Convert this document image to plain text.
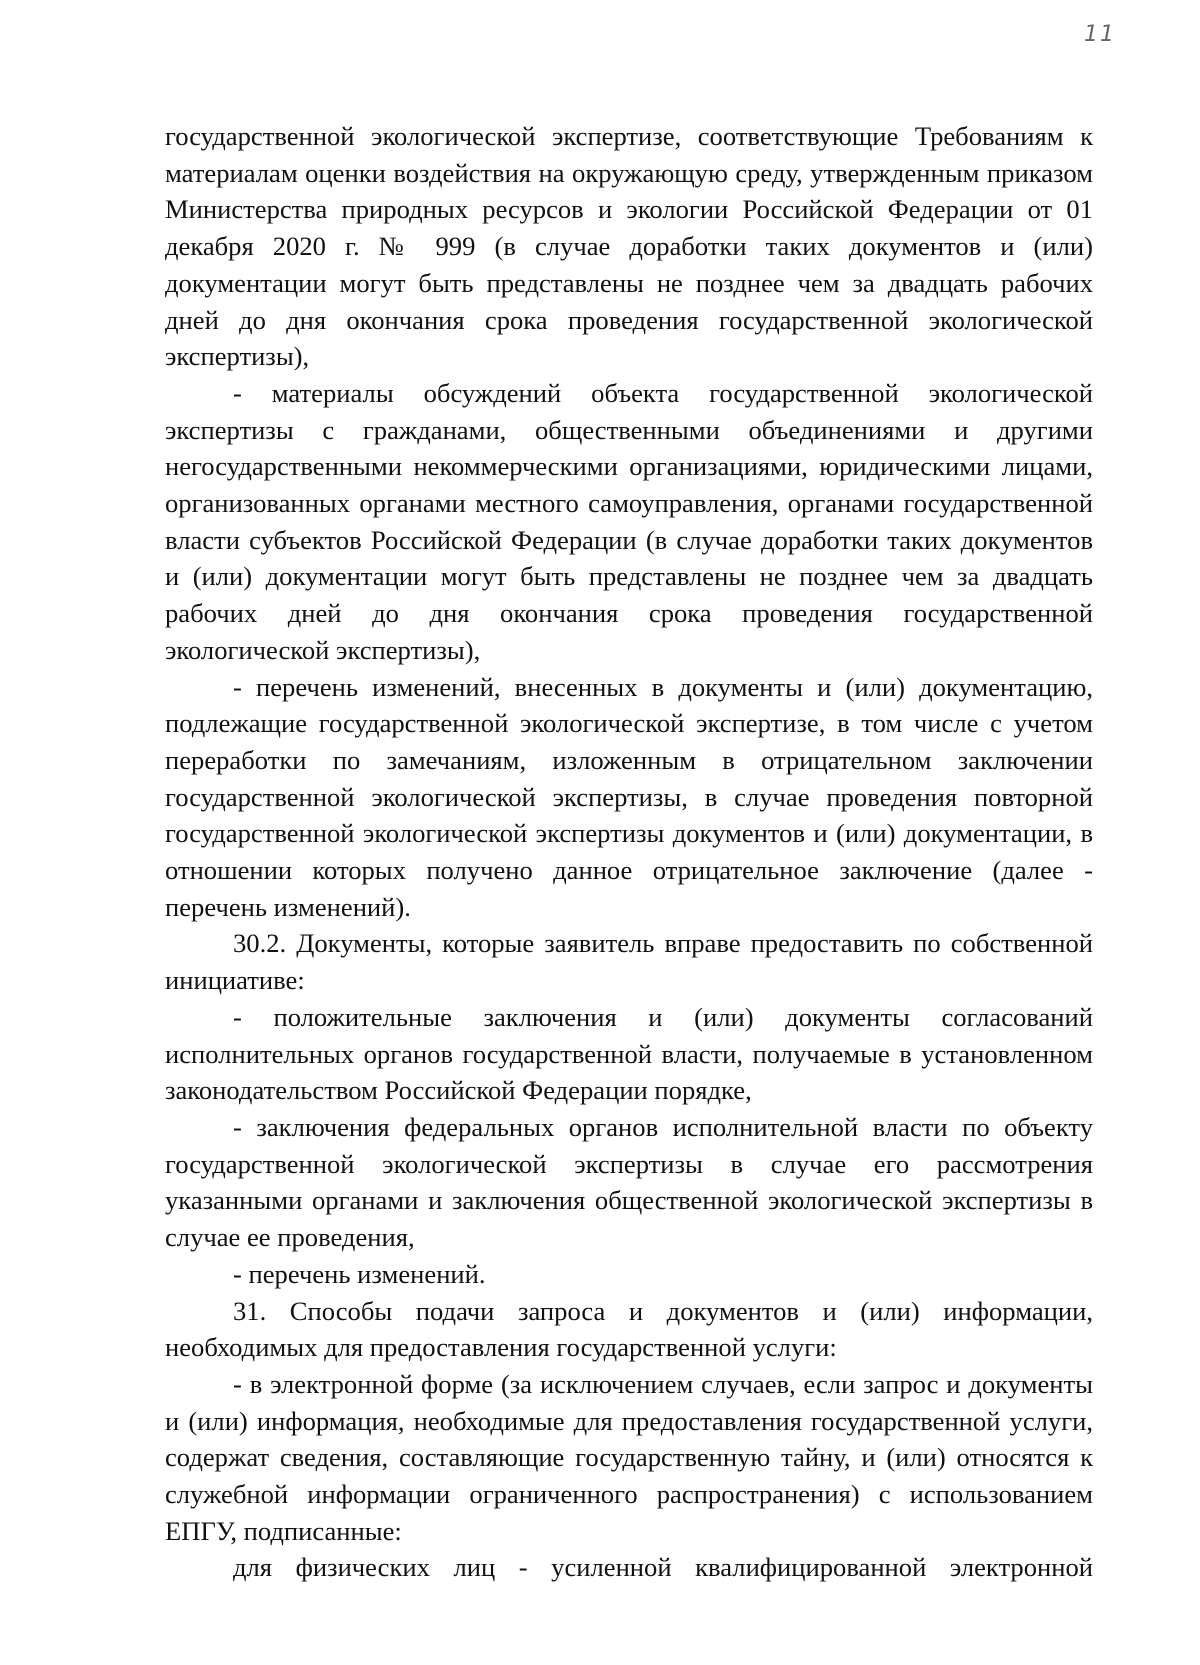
11

государственной экологической экспертизе, соответствующие Требованиям к материалам оценки воздействия на окружающую среду, утвержденным приказом Министерства природных ресурсов и экологии Российской Федерации от 01 декабря 2020 г. № 999 (в случае доработки таких документов и (или) документации могут быть представлены не позднее чем за двадцать рабочих дней до дня окончания срока проведения государственной экологической экспертизы),

- материалы обсуждений объекта государственной экологической экспертизы с гражданами, общественными объединениями и другими негосударственными некоммерческими организациями, юридическими лицами, организованных органами местного самоуправления, органами государственной власти субъектов Российской Федерации (в случае доработки таких документов и (или) документации могут быть представлены не позднее чем за двадцать рабочих дней до дня окончания срока проведения государственной экологической экспертизы),

- перечень изменений, внесенных в документы и (или) документацию, подлежащие государственной экологической экспертизе, в том числе с учетом переработки по замечаниям, изложенным в отрицательном заключении государственной экологической экспертизы, в случае проведения повторной государственной экологической экспертизы документов и (или) документации, в отношении которых получено данное отрицательное заключение (далее - перечень изменений).

30.2. Документы, которые заявитель вправе предоставить по собственной инициативе:

- положительные заключения и (или) документы согласований исполнительных органов государственной власти, получаемые в установленном законодательством Российской Федерации порядке,

- заключения федеральных органов исполнительной власти по объекту государственной экологической экспертизы в случае его рассмотрения указанными органами и заключения общественной экологической экспертизы в случае ее проведения,

- перечень изменений.

31. Способы подачи запроса и документов и (или) информации, необходимых для предоставления государственной услуги:

- в электронной форме (за исключением случаев, если запрос и документы и (или) информация, необходимые для предоставления государственной услуги, содержат сведения, составляющие государственную тайну, и (или) относятся к служебной информации ограниченного распространения) с использованием ЕПГУ, подписанные:

для физических лиц - усиленной квалифицированной электронной
